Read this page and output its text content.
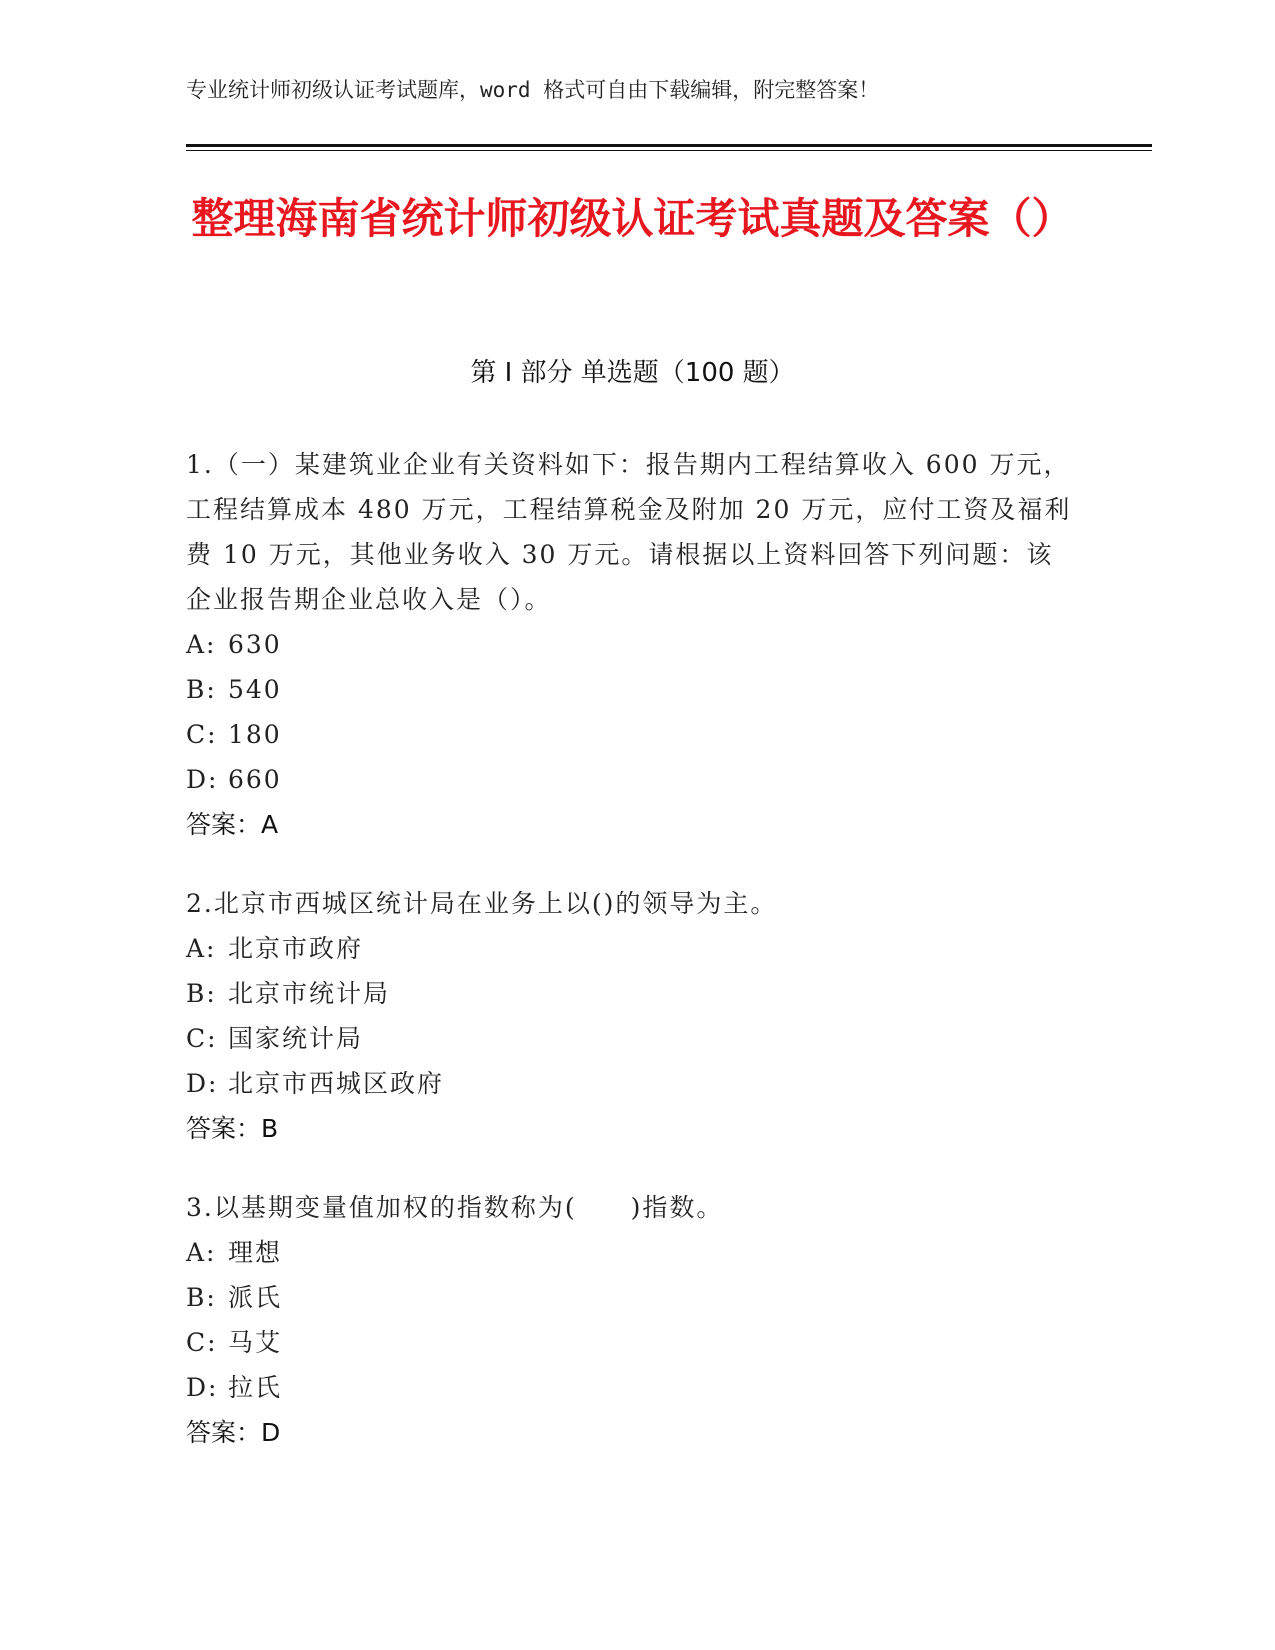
专业统计师初级认证考试题库，word 格式可自由下载编辑，附完整答案！
整理海南省统计师初级认证考试真题及答案（）
第 I 部分 单选题（100 题）

1.（一）某建筑业企业有关资料如下：报告期内工程结算收入 600 万元，工程结算成本 480 万元，工程结算税金及附加 20 万元，应付工资及福利费 10 万元，其他业务收入 30 万元。请根据以上资料回答下列问题：该企业报告期企业总收入是（）。

A: 630

B: 540

C: 180

D: 660

答案：A

2.北京市西城区统计局在业务上以()的领导为主。

A: 北京市政府

B: 北京市统计局

C: 国家统计局

D: 北京市西城区政府

答案：B

3.以基期变量值加权的指数称为(　　)指数。

A: 理想

B: 派氏

C: 马艾

D: 拉氏

答案：D
